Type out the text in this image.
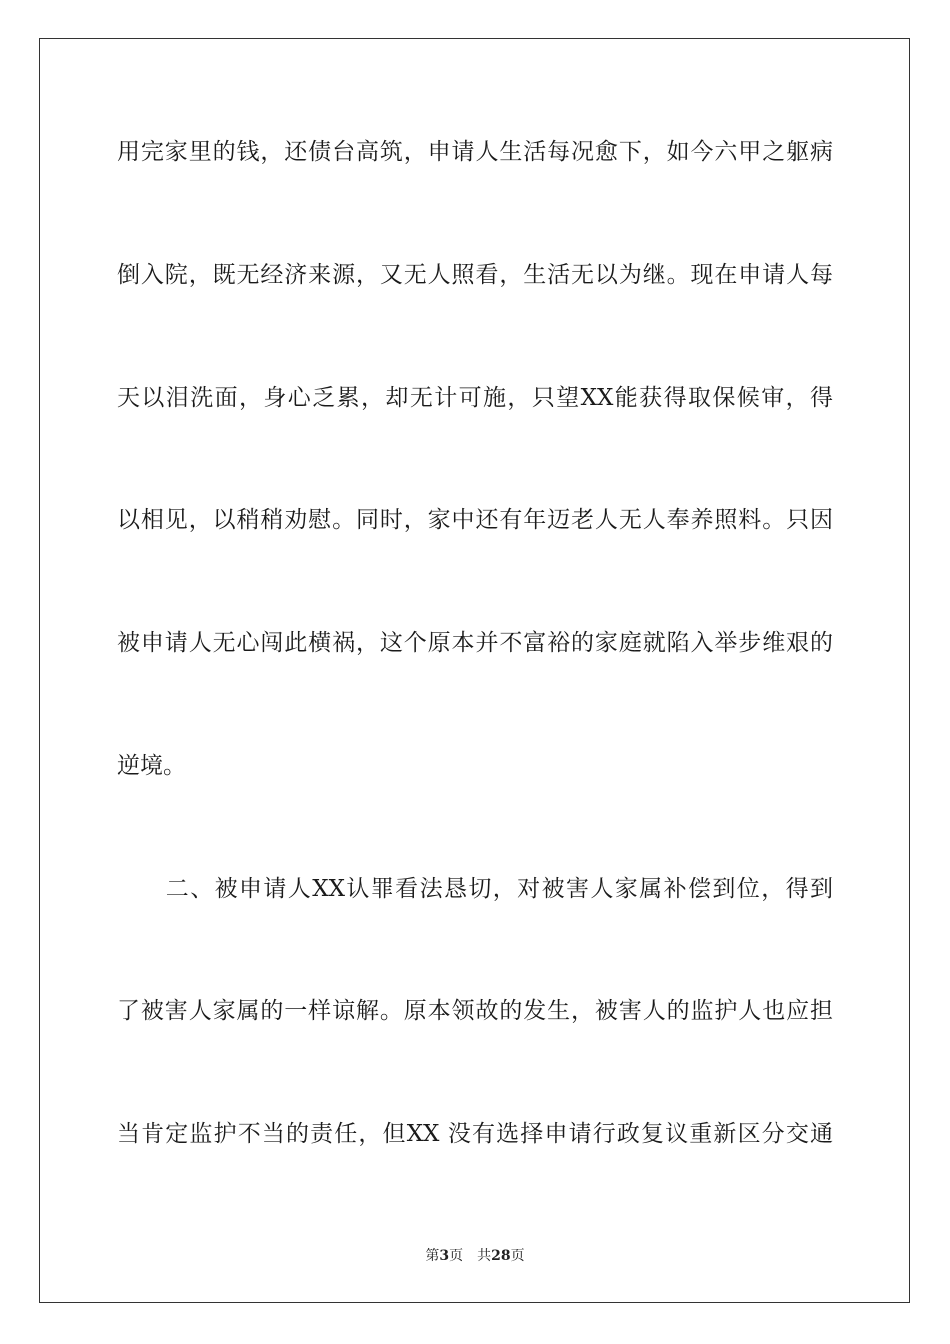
用完家里的钱，还债台高筑，申请人生活每况愈下，如今六甲之躯病
倒入院，既无经济来源，又无人照看，生活无以为继。现在申请人每
天以泪洗面，身心乏累，却无计可施，只望XX能获得取保候审，得
以相见，以稍稍劝慰。同时，家中还有年迈老人无人奉养照料。只因
被申请人无心闯此横祸，这个原本并不富裕的家庭就陷入举步维艰的
逆境。
　　二、被申请人XX认罪看法恳切，对被害人家属补偿到位，得到
了被害人家属的一样谅解。原本领故的发生，被害人的监护人也应担
当肯定监护不当的责任，但XX 没有选择申请行政复议重新区分交通
第3页　共28页
